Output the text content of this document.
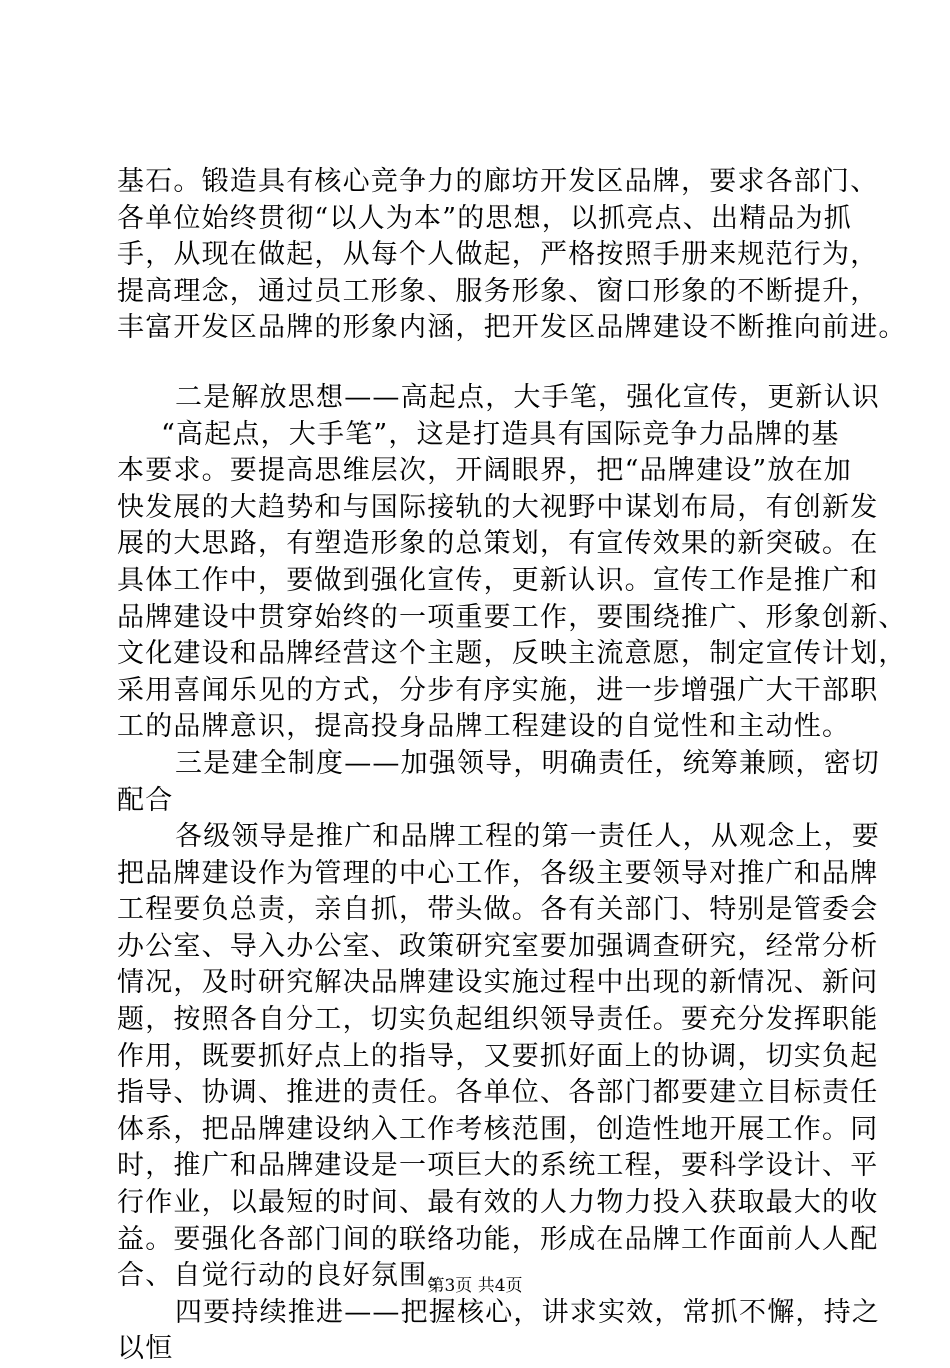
基石。锻造具有核心竞争力的廊坊开发区品牌，要求各部门、
各单位始终贯彻“以人为本”的思想，以抓亮点、出精品为抓
手，从现在做起，从每个人做起，严格按照手册来规范行为，
提高理念，通过员工形象、服务形象、窗口形象的不断提升，
丰富开发区品牌的形象内涵，把开发区品牌建设不断推向前进。
二是解放思想——高起点，大手笔，强化宣传，更新认识
“高起点，大手笔”，这是打造具有国际竞争力品牌的基
本要求。要提高思维层次，开阔眼界，把“品牌建设”放在加
快发展的大趋势和与国际接轨的大视野中谋划布局，有创新发
展的大思路，有塑造形象的总策划，有宣传效果的新突破。在
具体工作中，要做到强化宣传，更新认识。宣传工作是推广和
品牌建设中贯穿始终的一项重要工作，要围绕推广、形象创新、
文化建设和品牌经营这个主题，反映主流意愿，制定宣传计划，
采用喜闻乐见的方式，分步有序实施，进一步增强广大干部职
工的品牌意识，提高投身品牌工程建设的自觉性和主动性。
三是建全制度——加强领导，明确责任，统筹兼顾，密切
配合
各级领导是推广和品牌工程的第一责任人，从观念上，要
把品牌建设作为管理的中心工作，各级主要领导对推广和品牌
工程要负总责，亲自抓，带头做。各有关部门、特别是管委会
办公室、导入办公室、政策研究室要加强调查研究，经常分析
情况，及时研究解决品牌建设实施过程中出现的新情况、新问
题，按照各自分工，切实负起组织领导责任。要充分发挥职能
作用，既要抓好点上的指导，又要抓好面上的协调，切实负起
指导、协调、推进的责任。各单位、各部门都要建立目标责任
体系，把品牌建设纳入工作考核范围，创造性地开展工作。同
时，推广和品牌建设是一项巨大的系统工程，要科学设计、平
行作业，以最短的时间、最有效的人力物力投入获取最大的收
益。要强化各部门间的联络功能，形成在品牌工作面前人人配
合、自觉行动的良好氛围。
四要持续推进——把握核心，讲求实效，常抓不懈，持之
以恒
第3页 共4页
